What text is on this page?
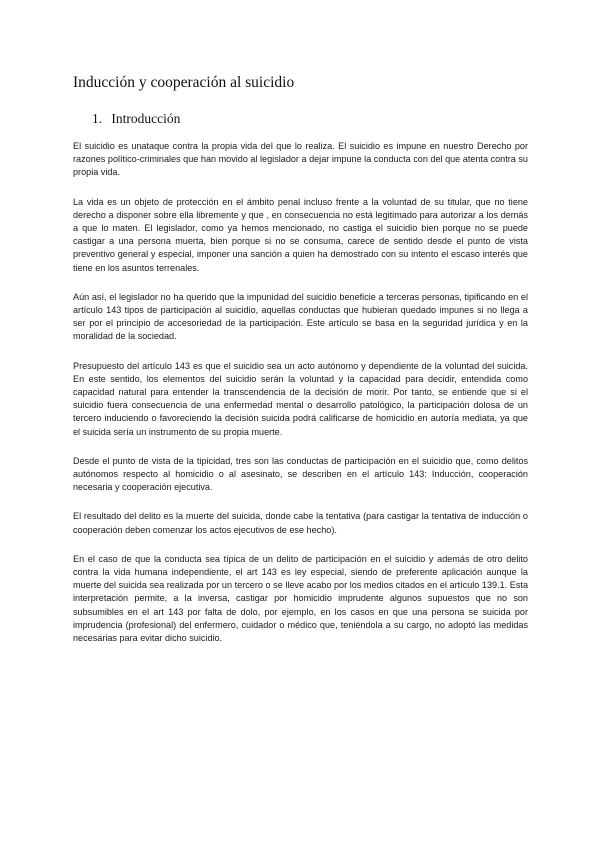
Inducción y cooperación al suicidio
1. Introducción

El suicidio es unataque contra la propia vida del que lo realiza. El suicidio es impune en nuestro Derecho por razones político-criminales que han movido al legislador a dejar impune la conducta con del que atenta contra su propia vida.

La vida es un objeto de protección en el ámbito penal incluso frente a la voluntad de su titular, que no tiene derecho a disponer sobre ella libremente y que , en consecuencia no está legitimado para autorizar a los demás a que lo maten. El legislador, como ya hemos mencionado, no castiga el suicidio bien porque no se puede castigar a una persona muerta, bien porque si no se consuma, carece de sentido desde el punto de vista preventivo general y especial, imponer una sanción a quien ha demostrado con su intento el escaso interés que tiene en los asuntos terrenales.

Aún así, el legislador no ha querido que la impunidad del suicidio beneficie a terceras personas, tipificando en el artículo 143 tipos de participación al suicidio, aquellas conductas que hubieran quedado impunes si no llega a ser por el principio de accesoriedad de la participación. Este artículo se basa en la seguridad jurídica y en la moralidad de la sociedad.

Presupuesto del artículo 143 es que el suicidio sea un acto autónomo y dependiente de la voluntad del suicida. En este sentido, los elementos del suicidio serán la voluntad y la capacidad para decidir, entendida como capacidad natural para entender la transcendencia de la decisión de morir. Por tanto, se entiende que si el suicidio fuera consecuencia de una enfermedad mental o desarrollo patológico, la participación dolosa de un tercero induciendo o favoreciendo la decisión suicida podrá calificarse de homicidio en autoría mediata, ya que el suicida sería un instrumento de su propia muerte.

Desde el punto de vista de la tipicidad, tres son las conductas de participación en el suicidio que, como delitos autónomos respecto al homicidio o al asesinato, se describen en el artículo 143: Inducción, cooperación necesaria y cooperación ejecutiva.

El resultado del delito es la muerte del suicida, donde cabe la tentativa (para castigar la tentativa de inducción o cooperación deben comenzar los actos ejecutivos de ese hecho).

En el caso de que la conducta sea típica de un delito de participación en el suicidio y además de otro delito contra la vida humana independiente, el art 143 es ley especial, siendo de preferente aplicación aunque la muerte del suicida sea realizada por un tercero o se lleve acabo por los medios citados en el artículo 139.1. Esta interpretación permite, a la inversa, castigar por homicidio imprudente algunos supuestos que no son subsumibles en el art 143 por falta de dolo, por ejemplo, en los casos en que una persona se suicida por imprudencia (profesional) del enfermero, cuidador o médico que, teniéndola a su cargo, no adoptó las medidas necesarias para evitar dicho suicidio.
